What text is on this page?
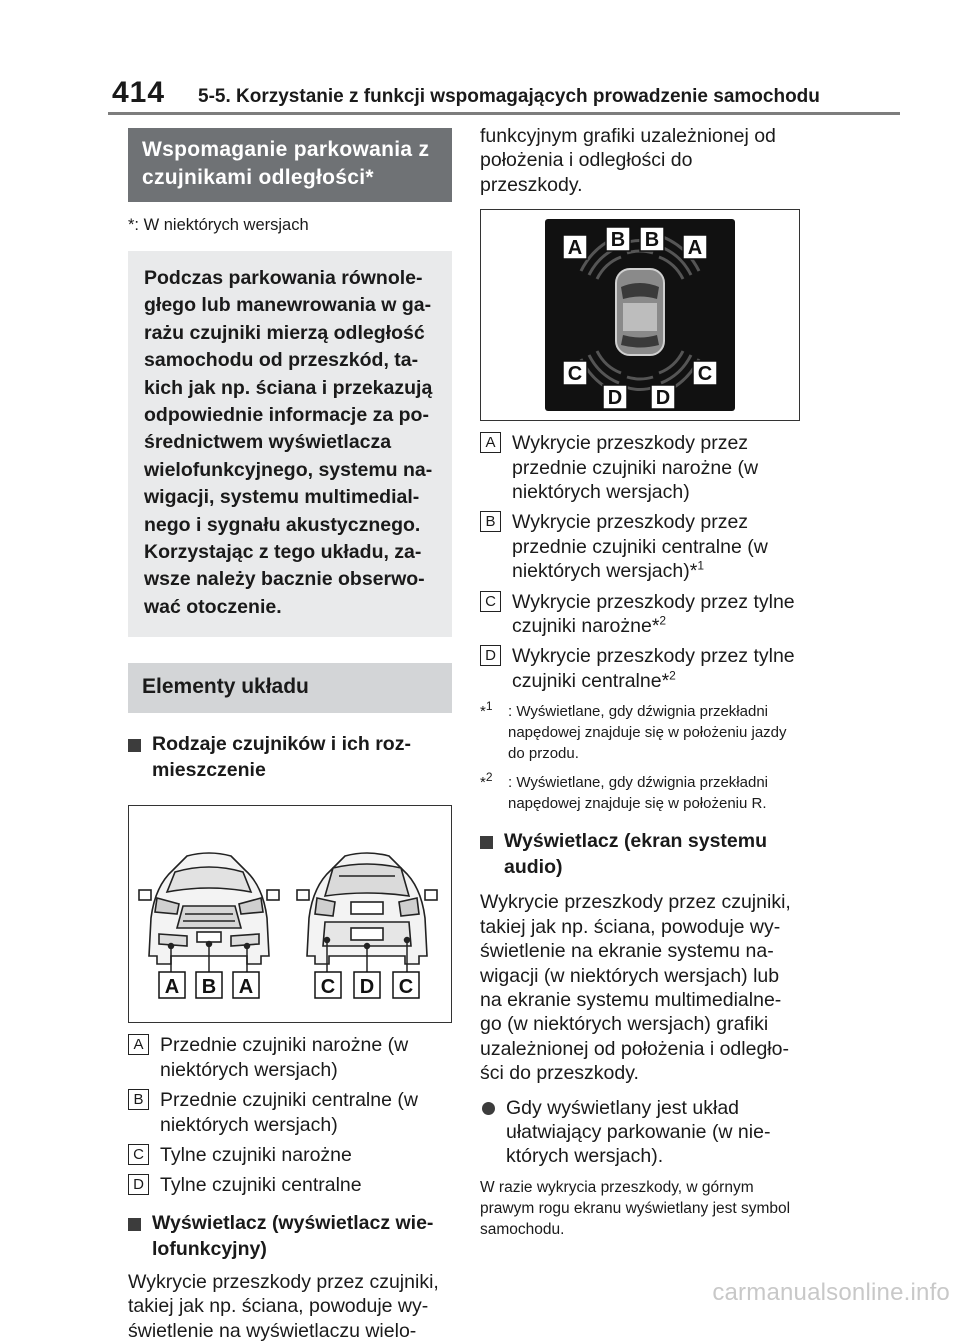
414 5-5. Korzystanie z funkcji wspomagających prowadzenie samochodu
Wspomaganie parkowania z czujnikami odległości*
*: W niektórych wersjach
Podczas parkowania równole-głego lub manewrowania w ga-rażu czujniki mierzą odległość samochodu od przeszkód, ta-kich jak np. ściana i przekazują odpowiednie informacje za po-średnictwem wyświetlacza wielofunkcyjnego, systemu na-wigacji, systemu multimedial-nego i sygnału akustycznego. Korzystając z tego układu, za-wsze należy bacznie obserwo-wać otoczenie.
Elementy układu
Rodzaje czujników i ich roz-mieszczenie
A B A	C D C
A Przednie czujniki narożne (w niektórych wersjach)
B Przednie czujniki centralne (w niektórych wersjach)
C Tylne czujniki narożne
D Tylne czujniki centralne
Wyświetlacz (wyświetlacz wie-lofunkcyjny)
Wykrycie przeszkody przez czujniki, takiej jak np. ściana, powoduje wy-świetlenie na wyświetlaczu wielo-
funkcyjnym grafiki uzależnionej od położenia i odległości do przeszkody.
A B B A
C	C
D D
A Wykrycie przeszkody przez przednie czujniki narożne (w niektórych wersjach)
B Wykrycie przeszkody przez przednie czujniki centralne (w niektórych wersjach)*$^1$
C Wykrycie przeszkody przez tylne czujniki narożne*$^2$
D Wykrycie przeszkody przez tylne czujniki centralne*$^2$
*$^1$ : Wyświetlane, gdy dźwignia przekładni napędowej znajduje się w położeniu jazdy do przodu.
*$^2$ : Wyświetlane, gdy dźwignia przekładni napędowej znajduje się w położeniu R.
Wyświetlacz (ekran systemu audio)
Wykrycie przeszkody przez czujniki, takiej jak np. ściana, powoduje wy-świetlenie na ekranie systemu na-wigacji (w niektórych wersjach) lub na ekranie systemu multimedialne-go (w niektórych wersjach) grafiki uzależnionej od położenia i odległo-ści do przeszkody.
Gdy wyświetlany jest układ ułatwiający parkowanie (w nie-których wersjach).
W razie wykrycia przeszkody, w górnym prawym rogu ekranu wyświetlany jest symbol samochodu.
carmanualsonline.info
